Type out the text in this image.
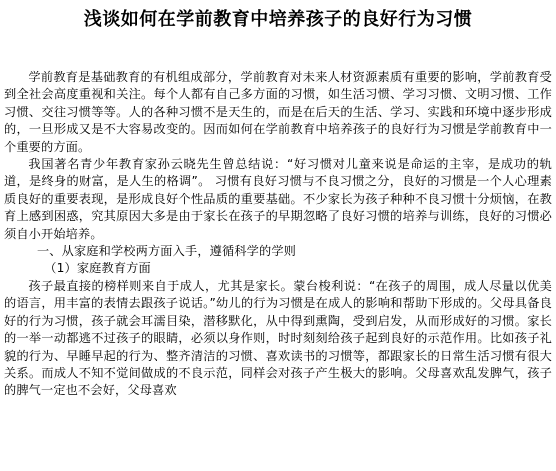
浅谈如何在学前教育中培养孩子的良好行为习惯

学前教育是基础教育的有机组成部分，学前教育对未来人材资源素质有重要的影响，学前教育受到全社会高度重视和关注。每个人都有自己多方面的习惯，如生活习惯、学习习惯、文明习惯、工作习惯、交往习惯等等。人的各种习惯不是天生的，而是在后天的生活、学习、实践和环境中逐步形成的，一旦形成又是不大容易改变的。因而如何在学前教育中培养孩子的良好行为习惯是学前教育中一个重要的方面。

我国著名青少年教育家孙云晓先生曾总结说：“好习惯对儿童来说是命运的主宰，是成功的轨道，是终身的财富，是人生的格调”。 习惯有良好习惯与不良习惯之分，良好的习惯是一个人心理素质良好的重要表现，是形成良好个性品质的重要基础。不少家长为孩子种种不良习惯十分烦恼，在教育上感到困惑，究其原因大多是由于家长在孩子的早期忽略了良好习惯的培养与训练，良好的习惯必须自小开始培养。

一、从家庭和学校两方面入手，遵循科学的学则

（1）家庭教育方面

孩子最直接的榜样则来自于成人，尤其是家长。蒙台梭利说：“在孩子的周围，成人尽量以优美的语言，用丰富的表情去跟孩子说话。”幼儿的行为习惯是在成人的影响和帮助下形成的。父母具备良好的行为习惯，孩子就会耳濡目染，潜移默化，从中得到熏陶，受到启发，从而形成好的习惯。家长的一举一动都逃不过孩子的眼睛，必须以身作则，时时刻刻给孩子起到良好的示范作用。比如孩子礼貌的行为、早睡早起的行为、整齐清洁的习惯、喜欢读书的习惯等，都跟家长的日常生活习惯有很大关系。而成人不知不觉间做成的不良示范，同样会对孩子产生极大的影响。父母喜欢乱发脾气，孩子的脾气一定也不会好，父母喜欢
